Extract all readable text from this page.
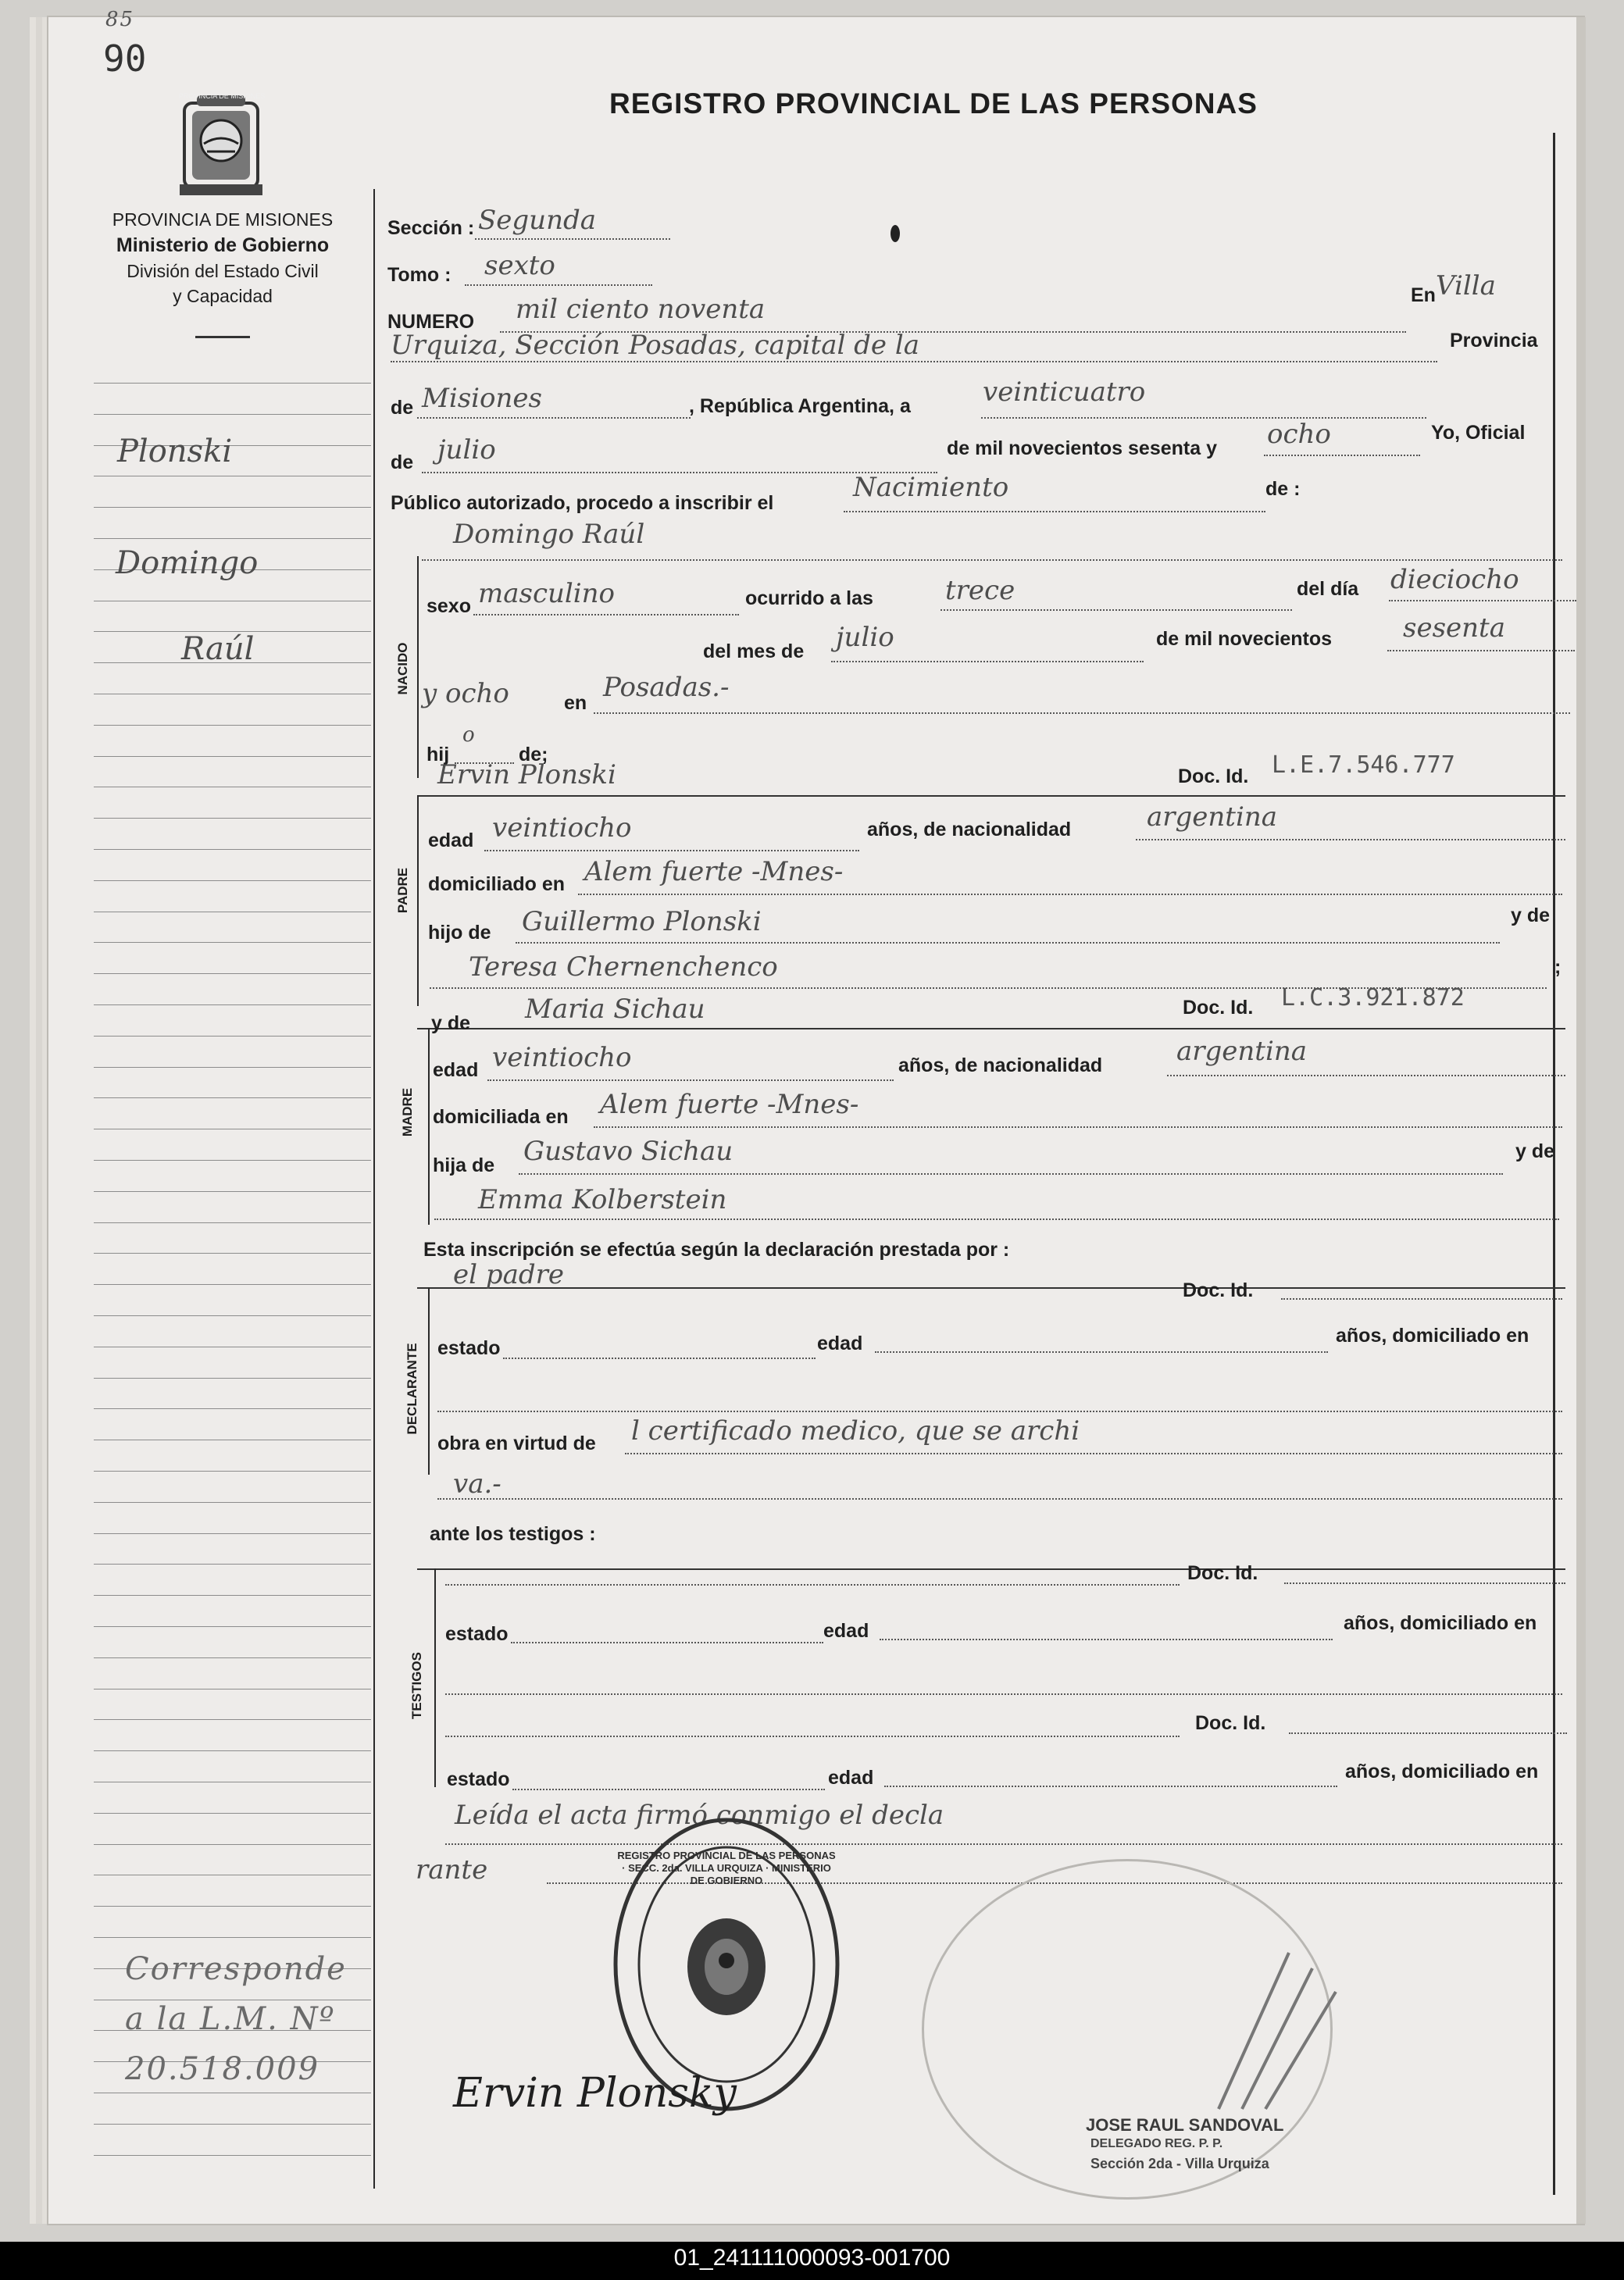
85
90
PROVINCIA DE MISIONES
PROVINCIA DE MISIONES
Ministerio de Gobierno
División del Estado Civil
y Capacidad
REGISTRO PROVINCIAL DE LAS PERSONAS
Plonski
Domingo
Raúl
Corresponde
a la L.M. Nº
20.518.009
Sección : Segunda
Tomo : sexto
NUMERO mil ciento noventa	En Villa
Urquiza, Sección Posadas, capital de la	Provincia
de Misiones	, República Argentina, a	veinticuatro
de julio	de mil novecientos sesenta y ocho	Yo, Oficial
Público autorizado, procedo a inscribir el	Nacimiento	de :
NACIDO
Domingo Raúl
sexo masculino	ocurrido a las	trece	del día dieciocho
del mes de julio	de mil novecientos	sesenta
y ocho	en Posadas.-
hij
o
de;
PADRE
Ervin Plonski	Doc. Id. L.E.7.546.777
edad veintiocho	años, de nacionalidad	argentina
domiciliado en Alem fuerte -Mnes-
hijo de Guillermo Plonski	y de
Teresa Chernenchenco	;
MADRE
y de Maria Sichau	Doc. Id. L.C.3.921.872
edad veintiocho	años, de nacionalidad	argentina
domiciliada en Alem fuerte -Mnes-
hija de Gustavo Sichau	y de
Emma Kolberstein
Esta inscripción se efectúa según la declaración prestada por :
DECLARANTE
el padre	Doc. Id.
estado	edad	años, domiciliado en
obra en virtud de l certificado medico, que se archi
va.-
ante los testigos :
TESTIGOS
Doc. Id.
estado	edad	años, domiciliado en
Doc. Id.
estado	edad	años, domiciliado en
Leída el acta firmó conmigo el decla
rante	REGISTRO PROVINCIAL DE LAS PERSONAS · SECC. 2da. VILLA URQUIZA · MINISTERIO DE GOBIERNO
Ervin Plonsky
JOSE RAUL SANDOVAL
DELEGADO REG. P. P.
Sección 2da - Villa Urquiza
01_241111000093-001700
